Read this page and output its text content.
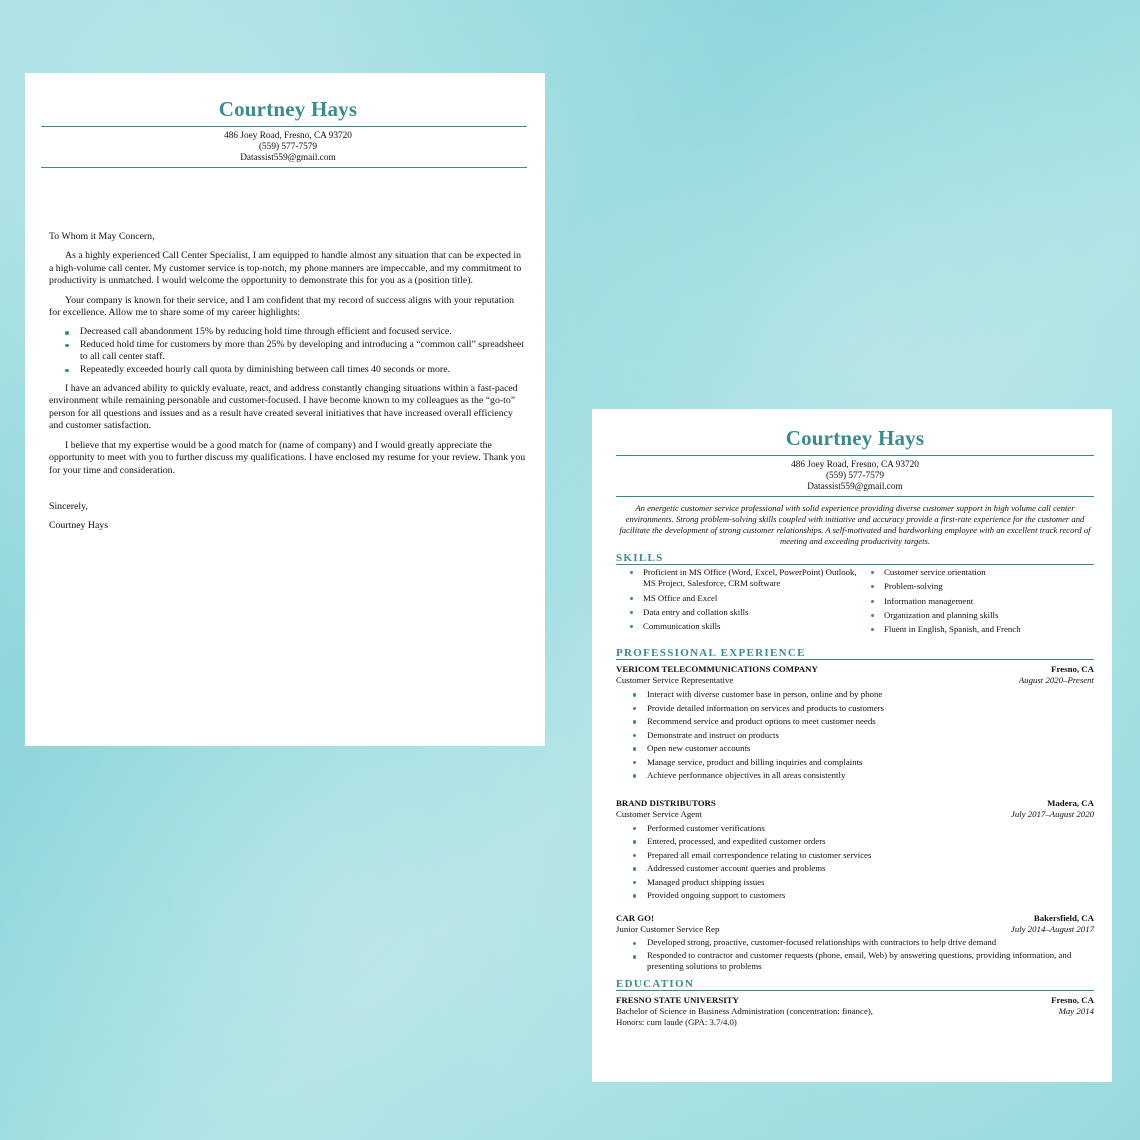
Courtney Hays
486 Joey Road, Fresno, CA 93720
(559) 577-7579
Datassist559@gmail.com

To Whom it May Concern,

As a highly experienced Call Center Specialist, I am equipped to handle almost any situation that can be expected in a high-volume call center. My customer service is top-notch, my phone manners are impeccable, and my commitment to productivity is unmatched. I would welcome the opportunity to demonstrate this for you as a (position title).

Your company is known for their service, and I am confident that my record of success aligns with your reputation for excellence. Allow me to share some of my career highlights:

Decreased call abandonment 15% by reducing hold time through efficient and focused service.
Reduced hold time for customers by more than 25% by developing and introducing a “common call” spreadsheet to all call center staff.
Repeatedly exceeded hourly call quota by diminishing between call times 40 seconds or more.

I have an advanced ability to quickly evaluate, react, and address constantly changing situations within a fast-paced environment while remaining personable and customer-focused. I have become known to my colleagues as the “go-to” person for all questions and issues and as a result have created several initiatives that have increased overall efficiency and customer satisfaction.

I believe that my expertise would be a good match for (name of company) and I would greatly appreciate the opportunity to meet with you to further discuss my qualifications. I have enclosed my resume for your review. Thank you for your time and consideration.

Sincerely,

Courtney Hays

Courtney Hays
486 Joey Road, Fresno, CA 93720
(559) 577-7579
Datassist559@gmail.com
An energetic customer service professional with solid experience providing diverse customer support in high volume call center environments. Strong problem-solving skills coupled with initiative and accuracy provide a first-rate experience for the customer and facilitate the development of strong customer relationships. A self-motivated and hardworking employee with an excellent track record of meeting and exceeding productivity targets.
SKILLS
Proficient in MS Office (Word, Excel, PowerPoint) Outlook, MS Project, Salesforce, CRM software
MS Office and Excel
Data entry and collation skills
Communication skills
Customer service orientation
Problem-solving
Information management
Organization and planning skills
Fluent in English, Spanish, and French
PROFESSIONAL EXPERIENCE
VERICOM TELECOMMUNICATIONS COMPANY	Fresno, CA
Customer Service Representative	August 2020–Present
Interact with diverse customer base in person, online and by phone
Provide detailed information on services and products to customers
Recommend service and product options to meet customer needs
Demonstrate and instruct on products
Open new customer accounts
Manage service, product and billing inquiries and complaints
Achieve performance objectives in all areas consistently
BRAND DISTRIBUTORS	Madera, CA
Customer Service Agent	July 2017–August 2020
Performed customer verifications
Entered, processed, and expedited customer orders
Prepared all email correspondence relating to customer services
Addressed customer account queries and problems
Managed product shipping issues
Provided ongoing support to customers
CAR GO!	Bakersfield, CA
Junior Customer Service Rep	July 2014–August 2017
Developed strong, proactive, customer-focused relationships with contractors to help drive demand
Responded to contractor and customer requests (phone, email, Web) by answering questions, providing information, and presenting solutions to problems
EDUCATION
FRESNO STATE UNIVERSITY	Fresno, CA
Bachelor of Science in Business Administration (concentration: finance),	May 2014
Honors: cum laude (GPA: 3.7/4.0)
